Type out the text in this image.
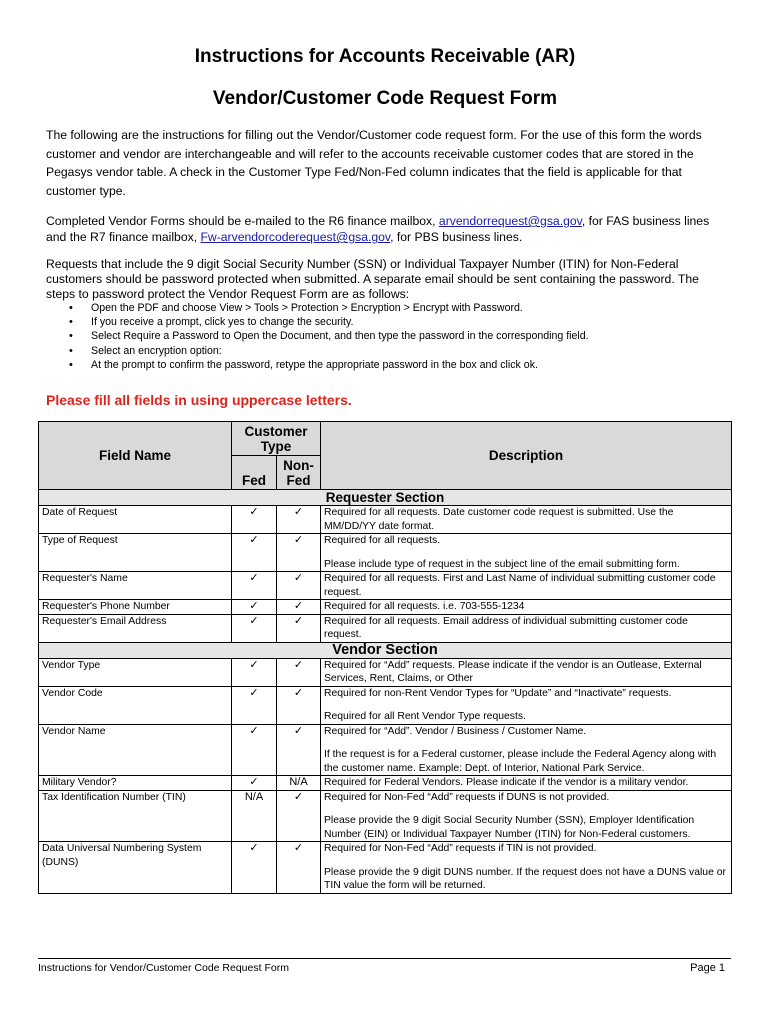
Instructions for Accounts Receivable (AR)
Vendor/Customer Code Request Form
The following are the instructions for filling out the Vendor/Customer code request form. For the use of this form the words customer and vendor are interchangeable and will refer to the accounts receivable customer codes that are stored in the Pegasys vendor table. A check in the Customer Type Fed/Non-Fed column indicates that the field is applicable for that customer type.
Completed Vendor Forms should be e-mailed to the R6 finance mailbox, arvendorrequest@gsa.gov, for FAS business lines and the R7 finance mailbox, Fw-arvendorcoderequest@gsa.gov, for PBS business lines.
Requests that include the 9 digit Social Security Number (SSN) or Individual Taxpayer Number (ITIN) for Non-Federal customers should be password protected when submitted. A separate email should be sent containing the password. The steps to password protect the Vendor Request Form are as follows:
• Open the PDF and choose View > Tools > Protection > Encryption > Encrypt with Password.
• If you receive a prompt, click yes to change the security.
• Select Require a Password to Open the Document, and then type the password in the corresponding field.
• Select an encryption option:
• At the prompt to confirm the password, retype the appropriate password in the box and click ok.
Please fill all fields in using uppercase letters.
Field Name	Customer Type		Description
	Fed	Non-Fed	
Requester Section			
Date of Request	✓	✓	Required for all requests. Date customer code request is submitted. Use the MM/DD/YY date format.
Type of Request	✓	✓	Required for all requests.

Please include type of request in the subject line of the email submitting form.

Requester's Name	✓	✓	Required for all requests. First and Last Name of individual submitting customer code request.
Requester's Phone Number	✓	✓	Required for all requests. i.e. 703-555-1234
Requester's Email Address	✓	✓	Required for all requests. Email address of individual submitting customer code request.
Vendor Section			
Vendor Type	✓	✓	Required for “Add” requests. Please indicate if the vendor is an Outlease, External Services, Rent, Claims, or Other
Vendor Code	✓	✓	Required for non-Rent Vendor Types for “Update” and “Inactivate” requests.

Required for all Rent Vendor Type requests.

Vendor Name	✓	✓	Required for “Add”. Vendor / Business / Customer Name.

If the request is for a Federal customer, please include the Federal Agency along with the customer name. Example: Dept. of Interior, National Park Service.

Military Vendor?	✓	N/A	Required for Federal Vendors. Please indicate if the vendor is a military vendor.
Tax Identification Number (TIN)	N/A	✓	Required for Non-Fed “Add” requests if DUNS is not provided.

Please provide the 9 digit Social Security Number (SSN), Employer Identification Number (EIN) or Individual Taxpayer Number (ITIN) for Non-Federal customers.

Data Universal Numbering System (DUNS)	✓	✓	Required for Non-Fed “Add” requests if TIN is not provided.

Please provide the 9 digit DUNS number. If the request does not have a DUNS value or TIN value the form will be returned.

Instructions for Vendor/Customer Code Request Form	Page 1
